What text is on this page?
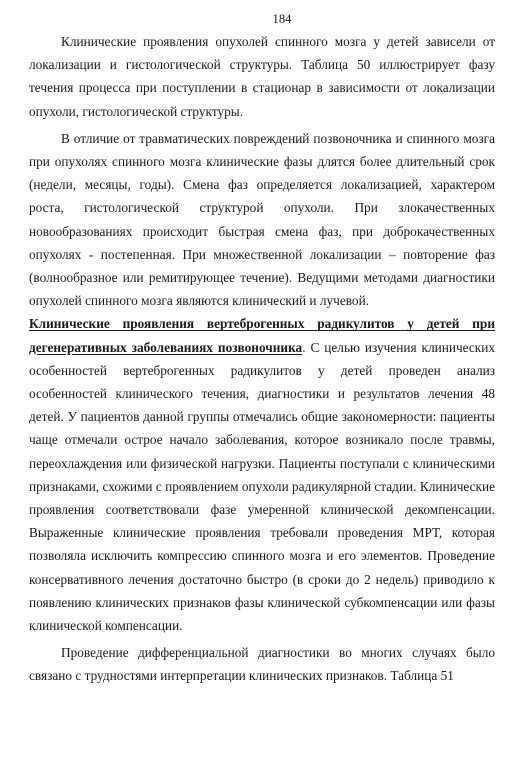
184

Клинические проявления опухолей спинного мозга у детей зависели от локализации и гистологической структуры. Таблица 50 иллюстрирует фазу течения процесса при поступлении в стационар в зависимости от локализации опухоли, гистологической структуры.

В отличие от травматических повреждений позвоночника и спинного мозга при опухолях спинного мозга клинические фазы длятся более длительный срок (недели, месяцы, годы). Смена фаз определяется локализацией, характером роста, гистологической структурой опухоли. При злокачественных новообразованиях происходит быстрая смена фаз, при доброкачественных опухолях - постепенная. При множественной локализации – повторение фаз (волнообразное или ремитирующее течение). Ведущими методами диагностики опухолей спинного мозга являются клинический и лучевой.

Клинические проявления вертеброгенных радикулитов у детей при дегенеративных заболеваниях позвоночника. С целью изучения клинических особенностей вертеброгенных радикулитов у детей проведен анализ особенностей клинического течения, диагностики и результатов лечения 48 детей. У пациентов данной группы отмечались общие закономерности: пациенты чаще отмечали острое начало заболевания, которое возникало после травмы, переохлаждения или физической нагрузки. Пациенты поступали с клиническими признаками, схожими с проявлением опухоли радикулярной стадии. Клинические проявления соответствовали фазе умеренной клинической декомпенсации. Выраженные клинические проявления требовали проведения МРТ, которая позволяла исключить компрессию спинного мозга и его элементов. Проведение консервативного лечения достаточно быстро (в сроки до 2 недель) приводило к появлению клинических признаков фазы клинической субкомпенсации или фазы клинической компенсации.

Проведение дифференциальной диагностики во многих случаях было связано с трудностями интерпретации клинических признаков. Таблица 51
